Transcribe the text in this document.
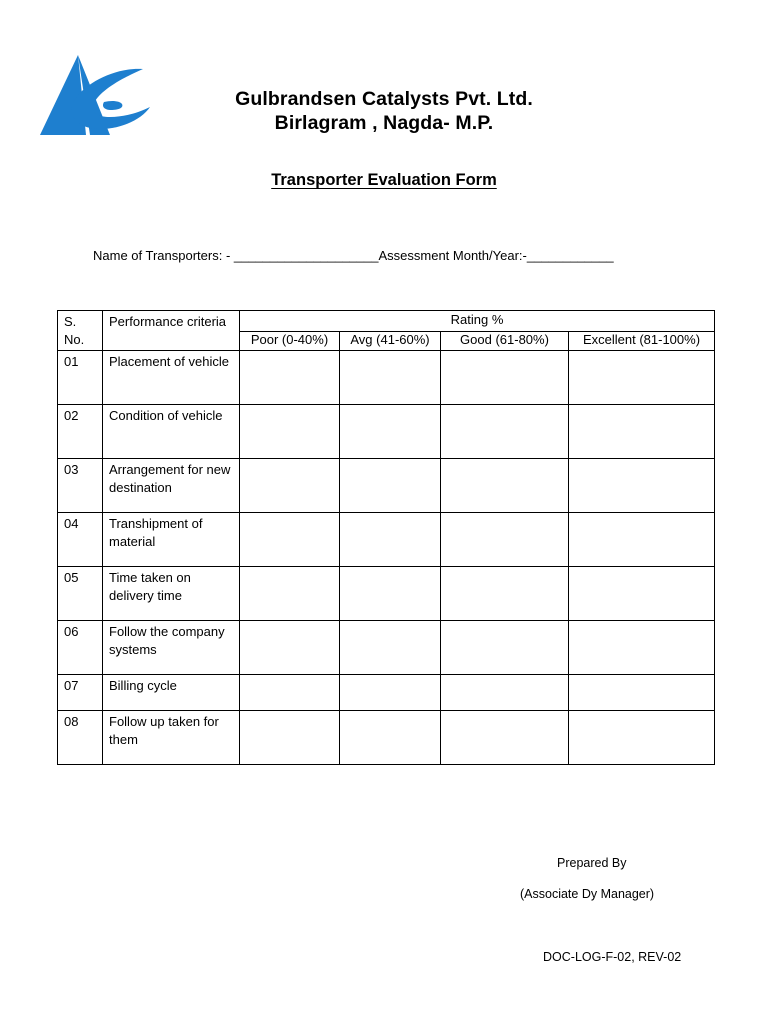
Gulbrandsen Catalysts Pvt. Ltd.
Birlagram , Nagda- M.P.
Transporter Evaluation Form
Name of Transporters: - ____________________Assessment Month/Year:-____________
S. No.	Performance criteria	Rating %			
		Poor (0-40%)	Avg (41-60%)	Good (61-80%)	Excellent (81-100%)
01	Placement of vehicle				
02	Condition of vehicle				
03	Arrangement for new destination				
04	Transhipment of material				
05	Time taken on delivery time				
06	Follow the company systems				
07	Billing cycle				
08	Follow up taken for them				
Prepared By
(Associate Dy Manager)
DOC-LOG-F-02, REV-02
